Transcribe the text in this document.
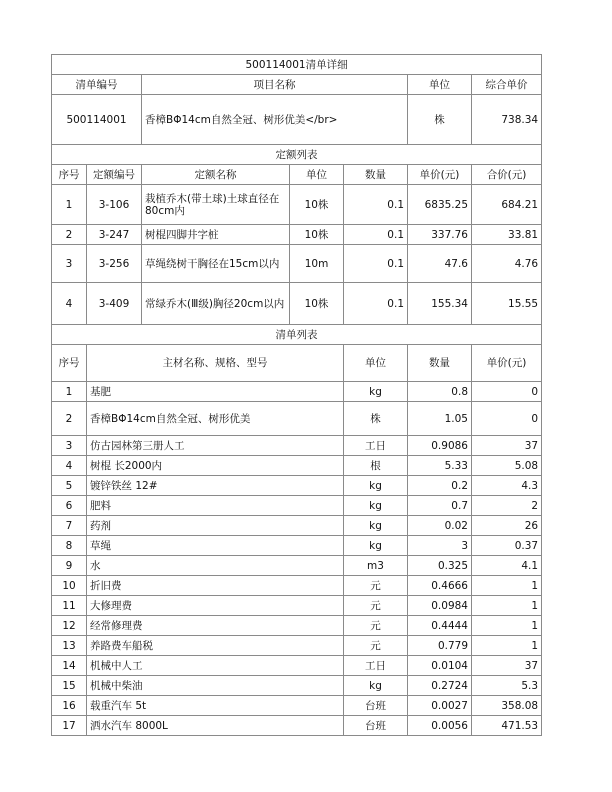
500114001清单详细							
清单编号		项目名称			单位	综合单价	
500114001		香樟BΦ14cm自然全冠、树形优美</br>			株	738.34	
定额列表							
序号	定额编号	定额名称	单位	数量	单价(元)	合价(元)	
1	3-106	栽植乔木(带土球)土球直径在80cm内	10株	0.1	6835.25	684.21	
2	3-247	树棍四脚井字桩	10株	0.1	337.76	33.81	
3	3-256	草绳绕树干胸径在15cm以内	10m	0.1	47.6	4.76	
4	3-409	常绿乔木(Ⅲ级)胸径20cm以内	10株	0.1	155.34	15.55	
清单列表							
序号	主材名称、规格、型号			单位	数量	单价(元)	
1	基肥			kg	0.8	0	
2	香樟BΦ14cm自然全冠、树形优美			株	1.05	0	
3	仿古园林第三册人工			工日	0.9086	37	
4	树棍 长2000内			根	5.33	5.08	
5	镀锌铁丝 12#			kg	0.2	4.3	
6	肥料			kg	0.7	2	
7	药剂			kg	0.02	26	
8	草绳			kg	3	0.37	
9	水			m3	0.325	4.1	
10	折旧费			元	0.4666	1	
11	大修理费			元	0.0984	1	
12	经常修理费			元	0.4444	1	
13	养路费车船税			元	0.779	1	
14	机械中人工			工日	0.0104	37	
15	机械中柴油			kg	0.2724	5.3	
16	载重汽车 5t			台班	0.0027	358.08	
17	洒水汽车 8000L			台班	0.0056	471.53	
